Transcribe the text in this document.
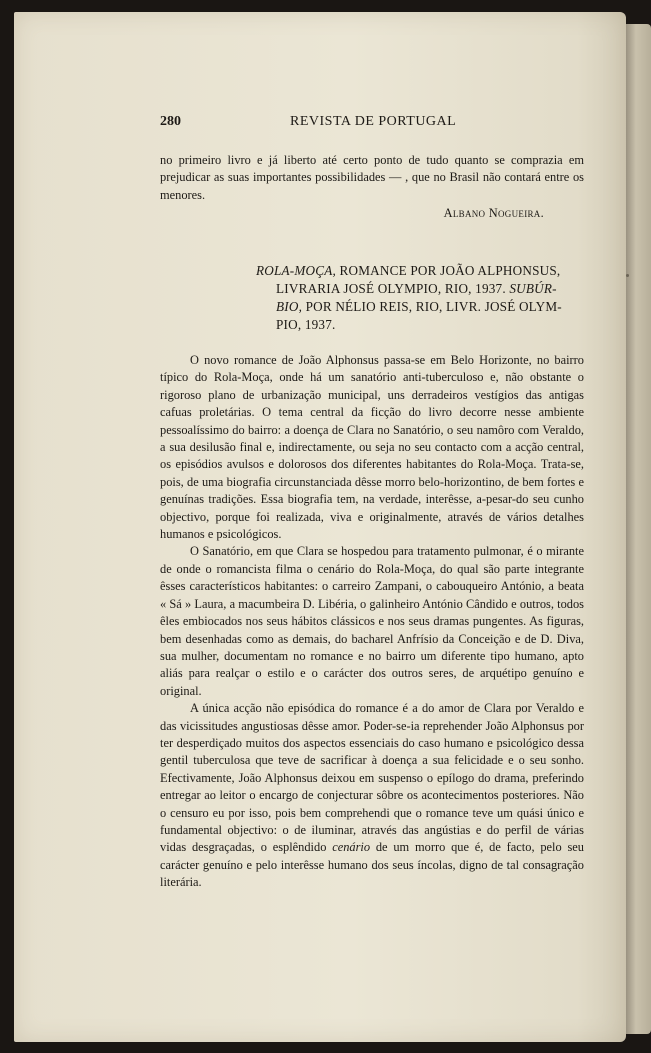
280	REVISTA DE PORTUGAL

no primeiro livro e já liberto até certo ponto de tudo quanto se comprazia em prejudicar as suas importantes possibilidades — , que no Brasil não contará entre os menores.

Albano Nogueira.
ROLA-MOÇA, ROMANCE POR JOÃO ALPHONSUS,
LIVRARIA JOSÉ OLYMPIO, RIO, 1937. SUBÚR-
BIO, POR NÉLIO REIS, RIO, LIVR. JOSÉ OLYM-
PIO, 1937.

O novo romance de João Alphonsus passa-se em Belo Horizonte, no bairro típico do Rola-Moça, onde há um sanatório anti-tuberculoso e, não obstante o rigoroso plano de urbanização municipal, uns derradeiros vestígios das antigas cafuas proletárias. O tema central da ficção do livro decorre nesse ambiente pessoalíssimo do bairro: a doença de Clara no Sanatório, o seu namôro com Veraldo, a sua desilusão final e, indirectamente, ou seja no seu contacto com a acção central, os episódios avulsos e dolorosos dos diferentes habitantes do Rola-Moça. Trata-se, pois, de uma biografia circunstanciada dêsse morro belo-horizontino, de bem fortes e genuínas tradições. Essa biografia tem, na verdade, interêsse, a-pesar-do seu cunho objectivo, porque foi realizada, viva e originalmente, através de vários detalhes humanos e psicológicos.

O Sanatório, em que Clara se hospedou para tratamento pulmonar, é o mirante de onde o romancista filma o cenário do Rola-Moça, do qual são parte integrante êsses característicos habitantes: o carreiro Zampani, o cabouqueiro António, a beata « Sá » Laura, a macumbeira D. Libéria, o galinheiro António Cândido e outros, todos êles embiocados nos seus hábitos clássicos e nos seus dramas pungentes. As figuras, bem desenhadas como as demais, do bacharel Anfrísio da Conceição e de D. Diva, sua mulher, documentam no romance e no bairro um diferente tipo humano, apto aliás para realçar o estilo e o carácter dos outros seres, de arquétipo genuíno e original.

A única acção não episódica do romance é a do amor de Clara por Veraldo e das vicissitudes angustiosas dêsse amor. Poder-se-ia reprehender João Alphonsus por ter desperdiçado muitos dos aspectos essenciais do caso humano e psicológico dessa gentil tuberculosa que teve de sacrificar à doença a sua felicidade e o seu sonho. Efectivamente, João Alphonsus deixou em suspenso o epílogo do drama, preferindo entregar ao leitor o encargo de conjecturar sôbre os acontecimentos posteriores. Não o censuro eu por isso, pois bem comprehendi que o romance teve um quási único e fundamental objectivo: o de iluminar, através das angústias e do perfil de várias vidas desgraçadas, o esplêndido cenário de um morro que é, de facto, pelo seu carácter genuíno e pelo interêsse humano dos seus íncolas, digno de tal consagração literária.
